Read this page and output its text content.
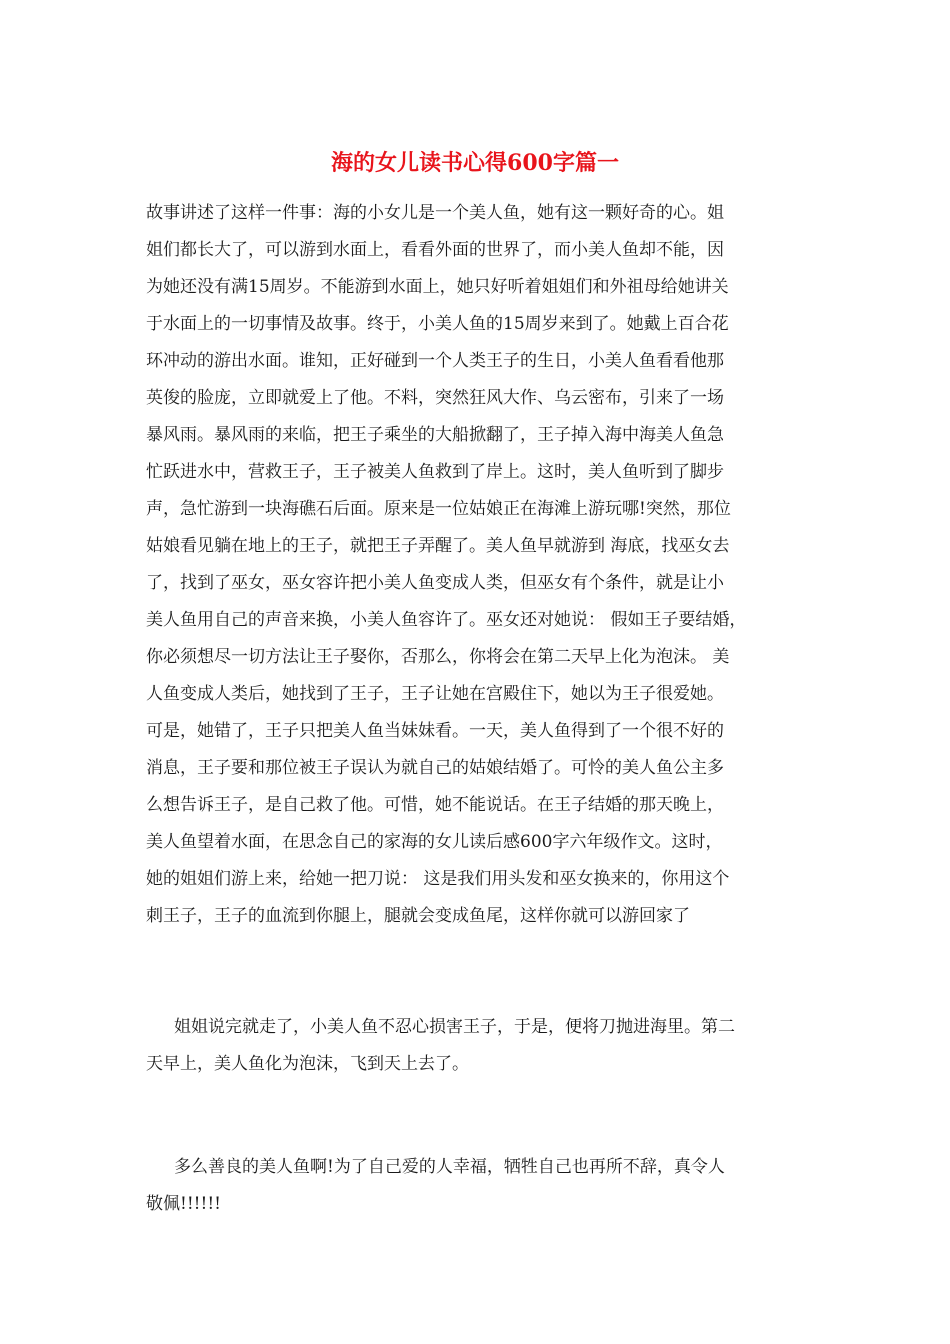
海的女儿读书心得600字篇一
故事讲述了这样一件事：海的小女儿是一个美人鱼，她有这一颗好奇的心。姐
姐们都长大了，可以游到水面上，看看外面的世界了，而小美人鱼却不能，因
为她还没有满15周岁。不能游到水面上，她只好听着姐姐们和外祖母给她讲关
于水面上的一切事情及故事。终于，小美人鱼的15周岁来到了。她戴上百合花
环冲动的游出水面。谁知，正好碰到一个人类王子的生日，小美人鱼看看他那
英俊的脸庞，立即就爱上了他。不料，突然狂风大作、乌云密布，引来了一场
暴风雨。暴风雨的来临，把王子乘坐的大船掀翻了，王子掉入海中海美人鱼急
忙跃进水中，营救王子，王子被美人鱼救到了岸上。这时，美人鱼听到了脚步
声，急忙游到一块海礁石后面。原来是一位姑娘正在海滩上游玩哪!突然，那位
姑娘看见躺在地上的王子，就把王子弄醒了。美人鱼早就游到 海底，找巫女去
了，找到了巫女，巫女容许把小美人鱼变成人类，但巫女有个条件，就是让小
美人鱼用自己的声音来换，小美人鱼容许了。巫女还对她说： 假如王子要结婚，
你必须想尽一切方法让王子娶你，否那么，你将会在第二天早上化为泡沫。 美
人鱼变成人类后，她找到了王子，王子让她在宫殿住下，她以为王子很爱她。
可是，她错了，王子只把美人鱼当妹妹看。一天，美人鱼得到了一个很不好的
消息，王子要和那位被王子误认为就自己的姑娘结婚了。可怜的美人鱼公主多
么想告诉王子，是自己救了他。可惜，她不能说话。在王子结婚的那天晚上，
美人鱼望着水面，在思念自己的家海的女儿读后感600字六年级作文。这时，
她的姐姐们游上来，给她一把刀说： 这是我们用头发和巫女换来的，你用这个
刺王子，王子的血流到你腿上，腿就会变成鱼尾，这样你就可以游回家了
姐姐说完就走了，小美人鱼不忍心损害王子，于是，便将刀抛进海里。第二
天早上，美人鱼化为泡沫，飞到天上去了。
多么善良的美人鱼啊!为了自己爱的人幸福，牺牲自己也再所不辞，真令人
敬佩!!!!!!
